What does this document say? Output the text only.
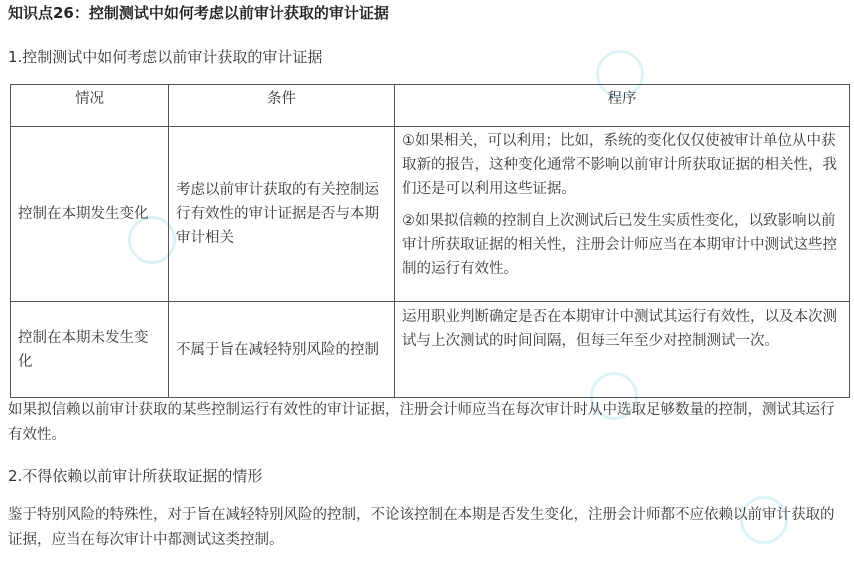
知识点26：控制测试中如何考虑以前审计获取的审计证据
1.控制测试中如何考虑以前审计获取的审计证据
情况	条件	程序
控制在本期发生变化	考虑以前审计获取的有关控制运行有效性的审计证据是否与本期审计相关	①如果相关，可以利用；比如，系统的变化仅仅使被审计单位从中获取新的报告，这种变化通常不影响以前审计所获取证据的相关性，我们还是可以利用这些证据。

②如果拟信赖的控制自上次测试后已发生实质性变化，以致影响以前审计所获取证据的相关性，注册会计师应当在本期审计中测试这些控制的运行有效性。

控制在本期未发生变化	不属于旨在减轻特别风险的控制	运用职业判断确定是否在本期审计中测试其运行有效性，以及本次测试与上次测试的时间间隔，但每三年至少对控制测试一次。

如果拟信赖以前审计获取的某些控制运行有效性的审计证据，注册会计师应当在每次审计时从中选取足够数量的控制，测试其运行有效性。
2.不得依赖以前审计所获取证据的情形
鉴于特别风险的特殊性，对于旨在减轻特别风险的控制，不论该控制在本期是否发生变化，注册会计师都不应依赖以前审计获取的证据，应当在每次审计中都测试这类控制。
